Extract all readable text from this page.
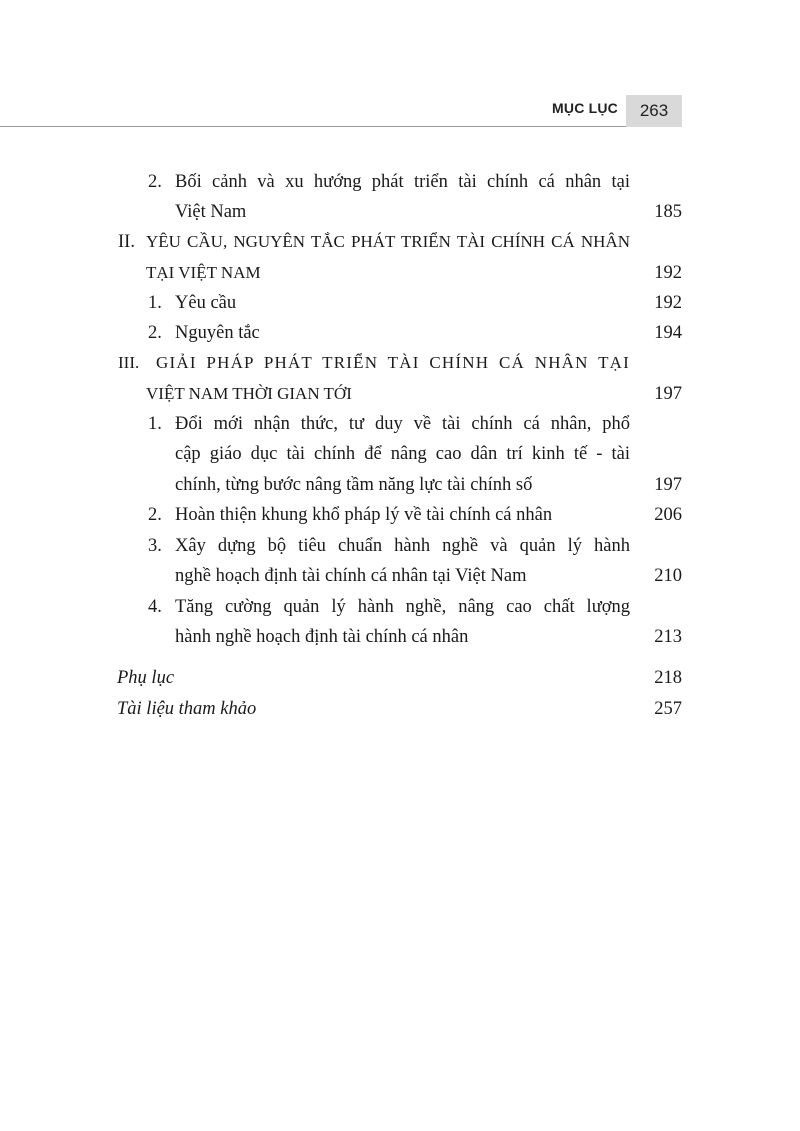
MỤC LỤC 263
2. Bối cảnh và xu hướng phát triển tài chính cá nhân tại
Việt Nam	185
II. YÊU CẦU, NGUYÊN TẮC PHÁT TRIỂN TÀI CHÍNH CÁ NHÂN
TẠI VIỆT NAM	192
1. Yêu cầu	192
2. Nguyên tắc	194
III. GIẢI PHÁP PHÁT TRIỂN TÀI CHÍNH CÁ NHÂN TẠI
VIỆT NAM THỜI GIAN TỚI	197
1. Đổi mới nhận thức, tư duy về tài chính cá nhân, phổ
cập giáo dục tài chính để nâng cao dân trí kinh tế - tài
chính, từng bước nâng tầm năng lực tài chính số	197
2. Hoàn thiện khung khổ pháp lý về tài chính cá nhân	206
3. Xây dựng bộ tiêu chuẩn hành nghề và quản lý hành
nghề hoạch định tài chính cá nhân tại Việt Nam	210
4. Tăng cường quản lý hành nghề, nâng cao chất lượng
hành nghề hoạch định tài chính cá nhân	213
Phụ lục	218
Tài liệu tham khảo	257
